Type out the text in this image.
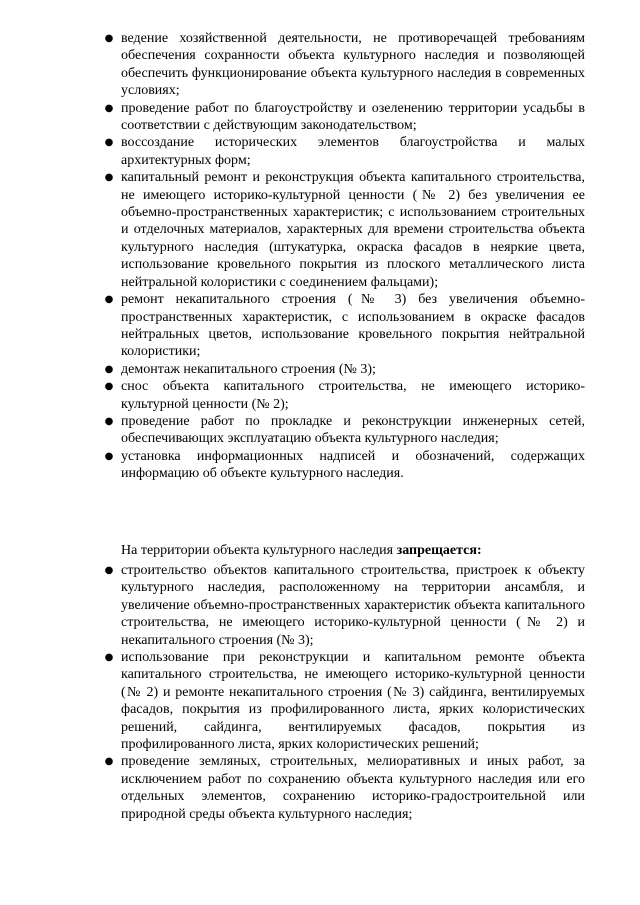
● ведение хозяйственной деятельности, не противоречащей требованиям обеспечения сохранности объекта культурного наследия и позволяющей обеспечить функционирование объекта культурного наследия в современных условиях;
● проведение работ по благоустройству и озеленению территории усадьбы в соответствии с действующим законодательством;
● воссоздание исторических элементов благоустройства и малых архитектурных форм;
● капитальный ремонт и реконструкция объекта капитального строительства, не имеющего историко-культурной ценности (№ 2) без увеличения ее объемно-пространственных характеристик; с использованием строительных и отделочных материалов, характерных для времени строительства объекта культурного наследия (штукатурка, окраска фасадов в неяркие цвета, использование кровельного покрытия из плоского металлического листа нейтральной колористики с соединением фальцами);
● ремонт некапитального строения (№ 3) без увеличения объемно-пространственных характеристик, с использованием в окраске фасадов нейтральных цветов, использование кровельного покрытия нейтральной колористики;
● демонтаж некапитального строения (№ 3);
● снос объекта капитального строительства, не имеющего историко-культурной ценности (№ 2);
● проведение работ по прокладке и реконструкции инженерных сетей, обеспечивающих эксплуатацию объекта культурного наследия;
● установка информационных надписей и обозначений, содержащих информацию об объекте культурного наследия.

На территории объекта культурного наследия запрещается:

● строительство объектов капитального строительства, пристроек к объекту культурного наследия, расположенному на территории ансамбля, и увеличение объемно-пространственных характеристик объекта капитального строительства, не имеющего историко-культурной ценности (№ 2) и некапитального строения (№ 3);
● использование при реконструкции и капитальном ремонте объекта капитального строительства, не имеющего историко-культурной ценности (№ 2) и ремонте некапитального строения (№ 3) сайдинга, вентилируемых фасадов, покрытия из профилированного листа, ярких колористических решений, сайдинга, вентилируемых фасадов, покрытия из профилированного листа, ярких колористических решений;
● проведение земляных, строительных, мелиоративных и иных работ, за исключением работ по сохранению объекта культурного наследия или его отдельных элементов, сохранению историко-градостроительной или природной среды объекта культурного наследия;
